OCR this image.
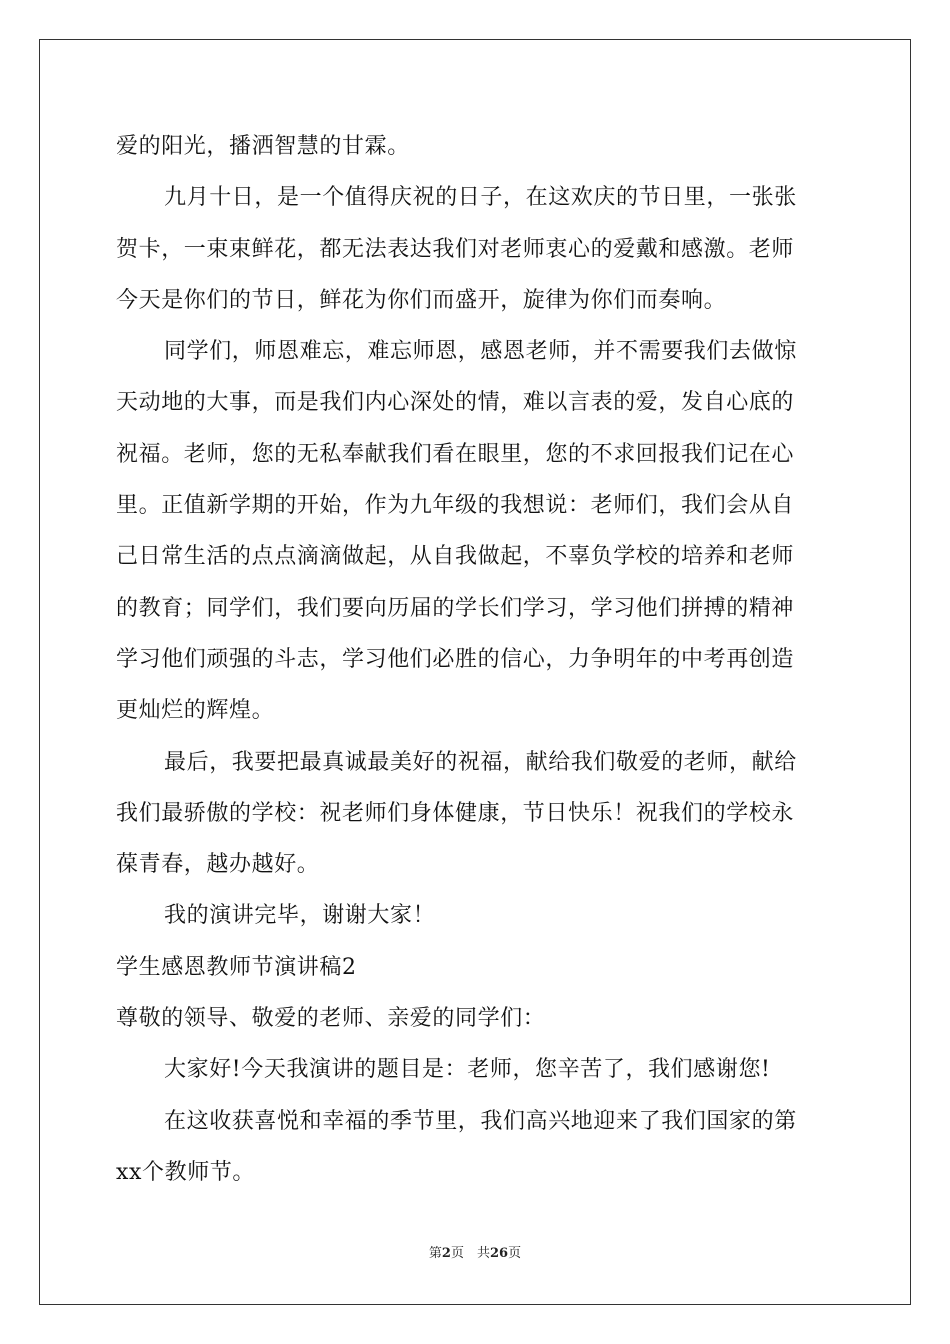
爱的阳光，播洒智慧的甘霖。
九月十日，是一个值得庆祝的日子，在这欢庆的节日里，一张张
贺卡，一束束鲜花，都无法表达我们对老师衷心的爱戴和感激。老师
今天是你们的节日，鲜花为你们而盛开，旋律为你们而奏响。
同学们，师恩难忘，难忘师恩，感恩老师，并不需要我们去做惊
天动地的大事，而是我们内心深处的情，难以言表的爱，发自心底的
祝福。老师，您的无私奉献我们看在眼里，您的不求回报我们记在心
里。正值新学期的开始，作为九年级的我想说：老师们，我们会从自
己日常生活的点点滴滴做起，从自我做起，不辜负学校的培养和老师
的教育；同学们，我们要向历届的学长们学习，学习他们拼搏的精神
学习他们顽强的斗志，学习他们必胜的信心，力争明年的中考再创造
更灿烂的辉煌。
最后，我要把最真诚最美好的祝福，献给我们敬爱的老师，献给
我们最骄傲的学校：祝老师们身体健康，节日快乐！祝我们的学校永
葆青春，越办越好。
我的演讲完毕，谢谢大家！
学生感恩教师节演讲稿2
尊敬的领导、敬爱的老师、亲爱的同学们：
大家好!今天我演讲的题目是：老师，您辛苦了，我们感谢您!
在这收获喜悦和幸福的季节里，我们高兴地迎来了我们国家的第
xx个教师节。
第2页　共26页
